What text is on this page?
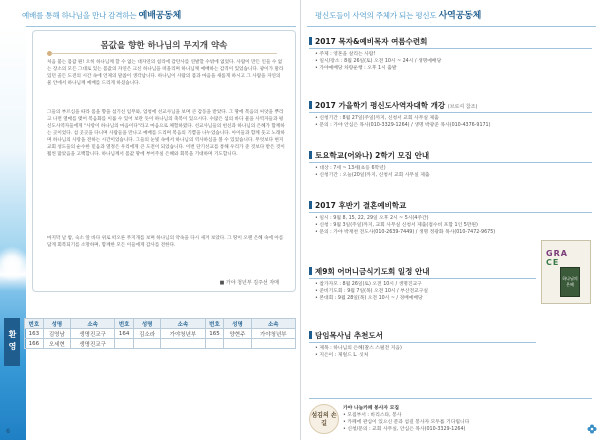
예배를 통해 하나님을 만나 감격하는 예배공동체
몸값을 향한 하나님의 무지개 약속
처음 불는 몸값 뭔! 오히 하나님께 할 수 없는 대자연의 섭리에 감탄사를 연발할 수밖에 없었다. 사람이 만든 인들 수 없는 장소의 모든 그대로 있는 몸값의 자연은 크신 하나님을 떠올리며 하나님께 예배하는 감격이 있었습니다. 광이가 말라 있던 골든 도전의 시간 속에 언제의 말씀이 생각납니다. 하나님이 사람의 몸과 마음을 새롭게 하시고 그 사람을 자연의 물 안에서 하나님께 예배를 드리게 하셨습니다.
그들의 부르심을 따라 몸을 향을 섬기신 임무와, 엄청에 선교사님을 보며 큰 감동을 받았다. 그 땅에 복음의 씨앗을 뿌리고 나면 열매를 맺어 복음화를 이룰 수 있어 보란 듯이 하나님의 축복이 있으시다. 수많은 섬의 바다 물을 사역자들과 평신도사역자들에게 "사랑이 하나님의 마음이다"라고 마음으로 체험하였다. 선교사님들의 헌신과 하나님의 은혜가 함께하는 곳이었다. 섬 곳곳을 다니며 사람들을 만나고 예배를 드리며 복음의 기쁨을 나누었습니다. 아이들과 함께 웃고 노래하며 하나님의 사랑을 전하는 시간이었습니다. 그들의 눈빛 속에서 하나님의 역사하심을 볼 수 있었습니다. 무엇보다 현지 교회 성도들의 순수한 믿음과 열정은 우리에게 큰 도전이 되었습니다. 이번 단기선교를 통해 우리가 준 것보다 받은 것이 훨씬 많았음을 고백합니다. 하나님께서 몸값 땅에 부어주실 은혜와 회복을 기대하며 기도합니다.
마지막 날 밤, 숙소 앞 바다 위로 떠오른 무지개를 보며 하나님의 약속을 다시 새겨 보았다. 그 땅이 오랜 은혜 속에 아름답게 회복되기를 소망하며, 함께한 모든 이들에게 감사를 전한다.
■ 가야 청년부 김주선 자매
환영
번호	성명	소속	번호	성명	소속	번호	성명	소속
163	김영남	생명진교구	164	김소라	가야청년부	165	양현주	가야청년부
166	오세현	생명진교구						
6
평신도들이 사역의 주체가 되는 평신도 사역공동체
2017 목자&예비목자 여름수련회
• 주제 : 영혼을 살리는 사람!
• 일시/장소 : 8월 26일(토) 오전 10시 ~ 24시 / 생명예배당
• 가야예배당 차량운행 : 오후 1시 출발
2017 가을학기 평신도사역자대학 개강 (브로셔 참조)
• 신청기간 : 8월 27일(주일)까지, 신청서 교회 사무실 제출
• 문의 : 가야 안심은 목사(010-3329-1264) / 생명 박광준 목사(010-4376-9171)
토요학교(어와나) 2학기 모집 안내
• 대상 : 7세 ~ 13세(초등 6학년)
• 신청기간 : 오늘(20일)까지, 신청서 교회 사무실 제출
2017 후반기 결혼예비학교
• 일시 : 9월 8, 15, 22, 29일 오후 2시 ~ 5시(4주간)
• 신청 : 9월 3일(주일)까지, 교회 사무실 신청서 제출(접수비 포함 1인 5만원)
• 문의 : 가야 박재천 전도사(010-2639-7449) / 생명 정광화 목사(010-7472-9675)
제9회 어머니금식기도회 일정 안내
• 참가자모 : 8월 26일(토) 오전 10시 / 생명진교구
• 준비기도회 : 9월 7일(목) 오전 10시 / 부산전교구실
• 본대회 : 9월 28일(목) 오전 10시 ~ / 경배예배당
담임목사님 추천도서
• 제목 : 하나님의 은혜(찰스 스펄전 지음)
• 지은이 : 제럴드 L. 싯처
GRA
CE
하나님의 은혜
섬김의 손길
가야 나눔카페 봉사자 모집
• 모집부서 : 바리스타, 봉사
• 카페에 관심이 있으신 분과 섬길 봉사자 모두를 기다립니다
• 신청/문의 : 교회 사무실, 안심은 목사(010-3329-1264)
